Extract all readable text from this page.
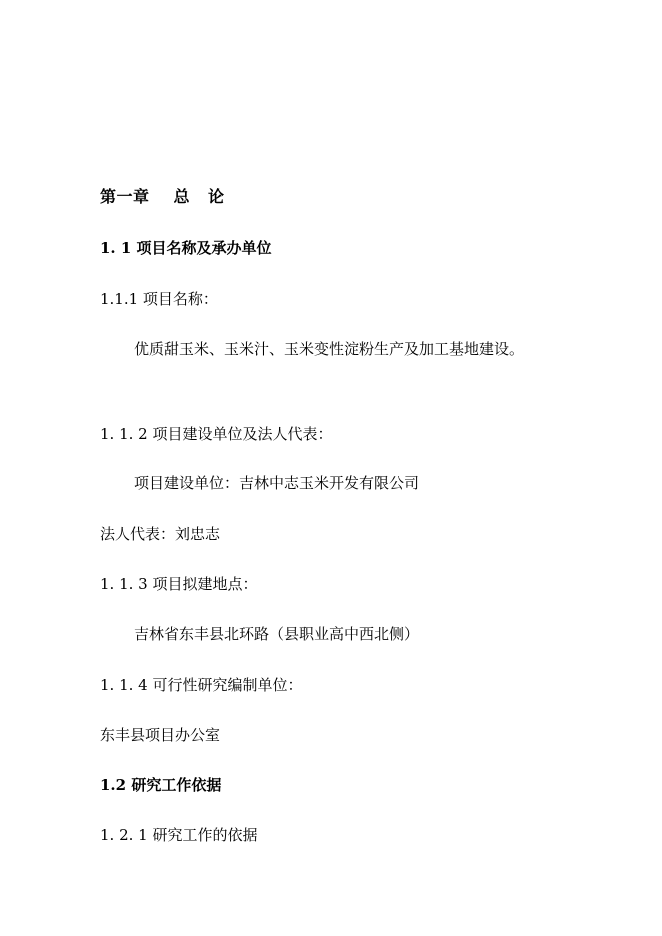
第一章 总 论
1. 1 项目名称及承办单位
1.1.1 项目名称：
优质甜玉米、玉米汁、玉米变性淀粉生产及加工基地建设。
1. 1. 2 项目建设单位及法人代表：
项目建设单位：吉林中志玉米开发有限公司
法人代表：刘忠志
1. 1. 3 项目拟建地点：
吉林省东丰县北环路（县职业高中西北侧）
1. 1. 4 可行性研究编制单位：
东丰县项目办公室
1.2 研究工作依据
1. 2. 1 研究工作的依据
